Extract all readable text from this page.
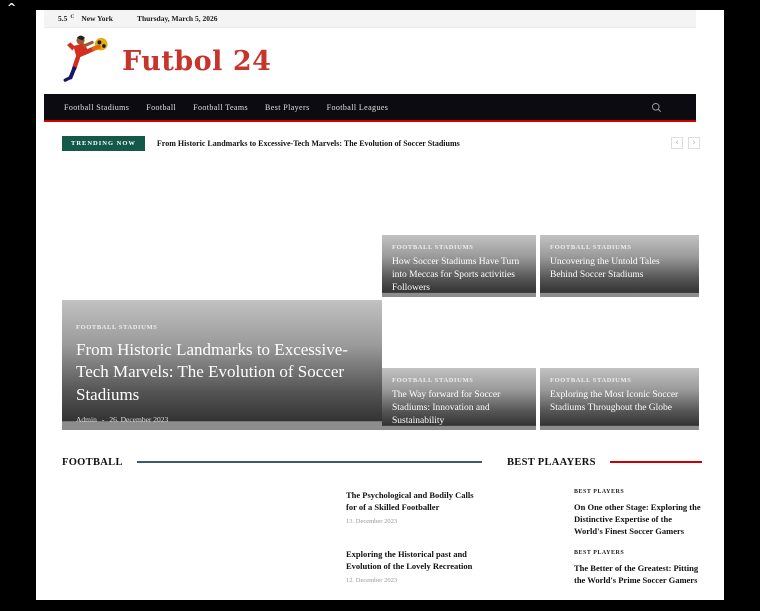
^
5.5 $^C$ New York	Thursday, March 5, 2026
Futbol 24
Football Stadiums Football Football Teams Best Players Football Leagues
TRENDING NOW	From Historic Landmarks to Excessive-Tech Marvels: The Evolution of Soccer Stadiums	‹	›
FOOTBALL STADIUMS
From Historic Landmarks to Excessive-Tech Marvels: The Evolution of Soccer Stadiums
Admin - 26. December 2023
FOOTBALL STADIUMS
How Soccer Stadiums Have Turn into Meccas for Sports activities Followers
FOOTBALL STADIUMS
Uncovering the Untold Tales Behind Soccer Stadiums
FOOTBALL STADIUMS
The Way forward for Soccer Stadiums: Innovation and Sustainability
FOOTBALL STADIUMS
Exploring the Most Iconic Soccer Stadiums Throughout the Globe
FOOTBALL
The Psychological and Bodily Calls for of a Skilled Footballer
13. December 2023
Exploring the Historical past and Evolution of the Lovely Recreation
12. December 2023
BEST PLAAYERS
BEST PLAYERS
On One other Stage: Exploring the Distinctive Expertise of the World's Finest Soccer Gamers
BEST PLAYERS
The Better of the Greatest: Pitting the World's Prime Soccer Gamers
